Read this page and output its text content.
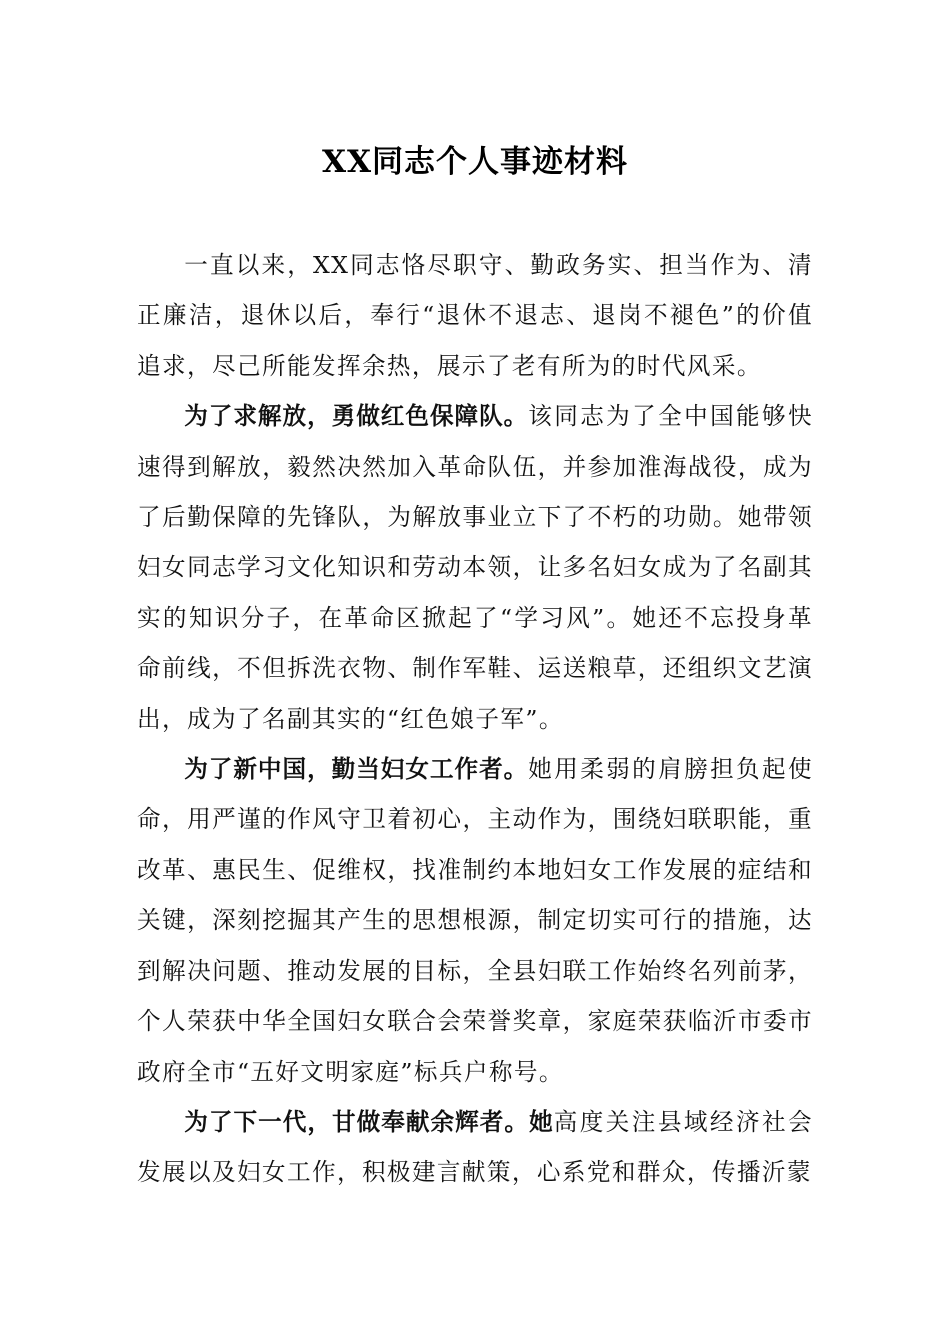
XX同志个人事迹材料

一直以来，XX同志恪尽职守、勤政务实、担当作为、清正廉洁，退休以后，奉行“退休不退志、退岗不褪色”的价值追求，尽己所能发挥余热，展示了老有所为的时代风采。

为了求解放，勇做红色保障队。该同志为了全中国能够快速得到解放，毅然决然加入革命队伍，并参加淮海战役，成为了后勤保障的先锋队，为解放事业立下了不朽的功勋。她带领妇女同志学习文化知识和劳动本领，让多名妇女成为了名副其实的知识分子，在革命区掀起了“学习风”。她还不忘投身革命前线，不但拆洗衣物、制作军鞋、运送粮草，还组织文艺演出，成为了名副其实的“红色娘子军”。

为了新中国，勤当妇女工作者。她用柔弱的肩膀担负起使命，用严谨的作风守卫着初心，主动作为，围绕妇联职能，重改革、惠民生、促维权，找准制约本地妇女工作发展的症结和关键，深刻挖掘其产生的思想根源，制定切实可行的措施，达到解决问题、推动发展的目标，全县妇联工作始终名列前茅，个人荣获中华全国妇女联合会荣誉奖章，家庭荣获临沂市委市政府全市“五好文明家庭”标兵户称号。

为了下一代，甘做奉献余辉者。她高度关注县域经济社会发展以及妇女工作，积极建言献策，心系党和群众，传播沂蒙
